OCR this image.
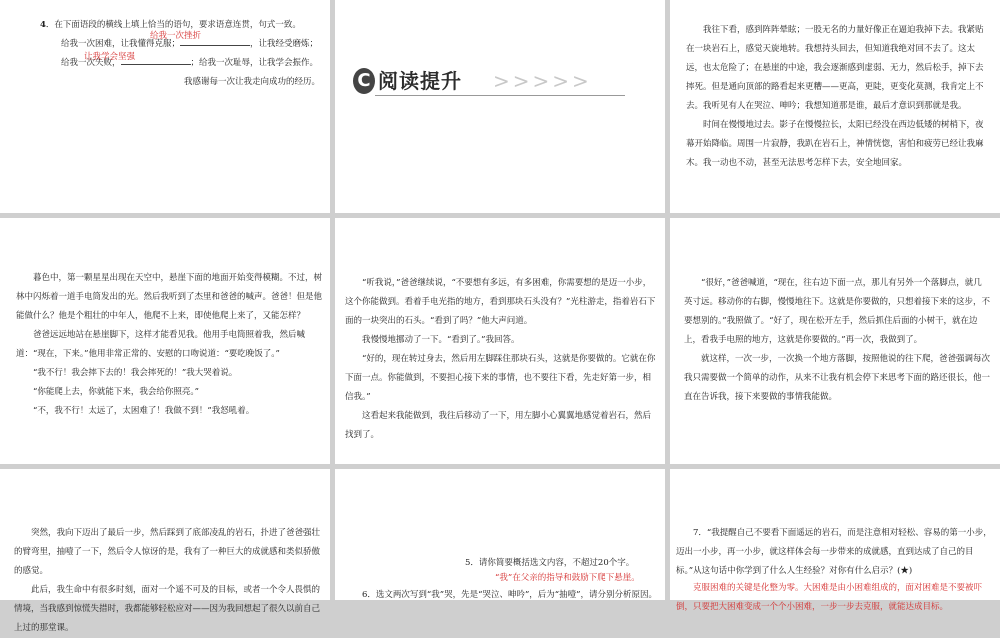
4．在下面语段的横线上填上恰当的语句，要求语意连贯，句式一致。
给我一次困难，让我懂得克服；	，让我经受磨炼；
给我一次失败，	；给我一次耻辱，让我学会振作。
我感谢每一次让我走向成功的经历。
给我一次挫折
让我学会坚强
C 阅读提升 >>>>>

我往下看，感到阵阵晕眩；一股无名的力量好像正在逼迫我掉下去。我紧贴在一块岩石上，感觉天旋地转。我想持头回去，但知道我绝对回不去了。这太远，也太危险了；在悬崖的中途，我会逐渐感到虚弱、无力，然后松手，掉下去摔死。但是通向顶部的路看起来更糟——更高，更陡，更变化莫测，我肯定上不去。我听见有人在哭泣、呻吟；我想知道那是谁，最后才意识到那就是我。

时间在慢慢地过去。影子在慢慢拉长，太阳已经没在西边低矮的树梢下，夜幕开始降临。周围一片寂静，我趴在岩石上，神情恍惚，害怕和疲劳已经让我麻木。我一动也不动，甚至无法思考怎样下去，安全地回家。

暮色中，第一颗星星出现在天空中，悬崖下面的地面开始变得模糊。不过，树林中闪烁着一道手电筒发出的光。然后我听到了杰里和爸爸的喊声。爸爸！但是他能做什么？他是个粗壮的中年人，他爬不上来，即使他爬上来了，又能怎样？

爸爸远远地站在悬崖脚下，这样才能看见我。他用手电筒照着我，然后喊道：“现在，下来。”他用非常正常的、安慰的口吻说道：“要吃晚饭了。”

“我不行！我会摔下去的！我会摔死的！”我大哭着说。

“你能爬上去，你就能下来，我会给你照亮。”

“不，我不行！太远了，太困难了！我做不到！”我怒吼着。

“听我说，”爸爸继续说，“不要想有多远，有多困难，你需要想的是迈一小步，这个你能做到。看着手电光指的地方，看到那块石头没有？”光柱游走，指着岩石下面的一块突出的石头。“看到了吗？”他大声问道。

我慢慢地挪动了一下。“看到了。”我回答。

“好的，现在转过身去，然后用左脚踩住那块石头，这就是你要做的。它就在你下面一点。你能做到，不要担心接下来的事情，也不要往下看，先走好第一步，相信我。”

这看起来我能做到，我往后移动了一下，用左脚小心翼翼地感觉着岩石，然后找到了。

“很好，”爸爸喊道，“现在，往右边下面一点，那儿有另外一个落脚点，就几英寸远。移动你的右脚，慢慢地往下。这就是你要做的，只想着接下来的这步，不要想别的。”我照做了。“好了，现在松开左手，然后抓住后面的小树干，就在边上，看我手电照的地方，这就是你要做的。”再一次，我做到了。

就这样，一次一步，一次换一个地方落脚，按照他说的往下爬，爸爸强调每次我只需要做一个简单的动作，从来不让我有机会停下来思考下面的路还很长，他一直在告诉我，接下来要做的事情我能做。

突然，我向下迈出了最后一步，然后踩到了底部凌乱的岩石，扑进了爸爸强壮的臂弯里，抽噎了一下，然后令人惊讶的是，我有了一种巨大的成就感和类似骄傲的感觉。

此后，我生命中有很多时刻，面对一个遥不可及的目标，或者一个令人畏惧的情境，当我感到惊慌失措时，我都能够轻松应对——因为我回想起了很久以前自己上过的那堂课。

5．请你简要概括选文内容，不超过20个字。

“我”在父亲的指导和鼓励下爬下悬崖。

6．选文两次写到“我”哭，先是“哭泣、呻吟”，后为“抽噎”，请分别分析原因。

7．“我提醒自己不要看下面遥远的岩石，而是注意相对轻松、容易的第一小步，迈出一小步，再一小步，就这样体会每一步带来的成就感，直到达成了自己的目标。”从这句话中你学到了什么人生经验？对你有什么启示？(★)

克服困难的关键是化整为零。大困难是由小困难组成的，面对困难是不要被吓倒，只要把大困难变成一个个小困难，一步一步去克服，就能达成目标。
